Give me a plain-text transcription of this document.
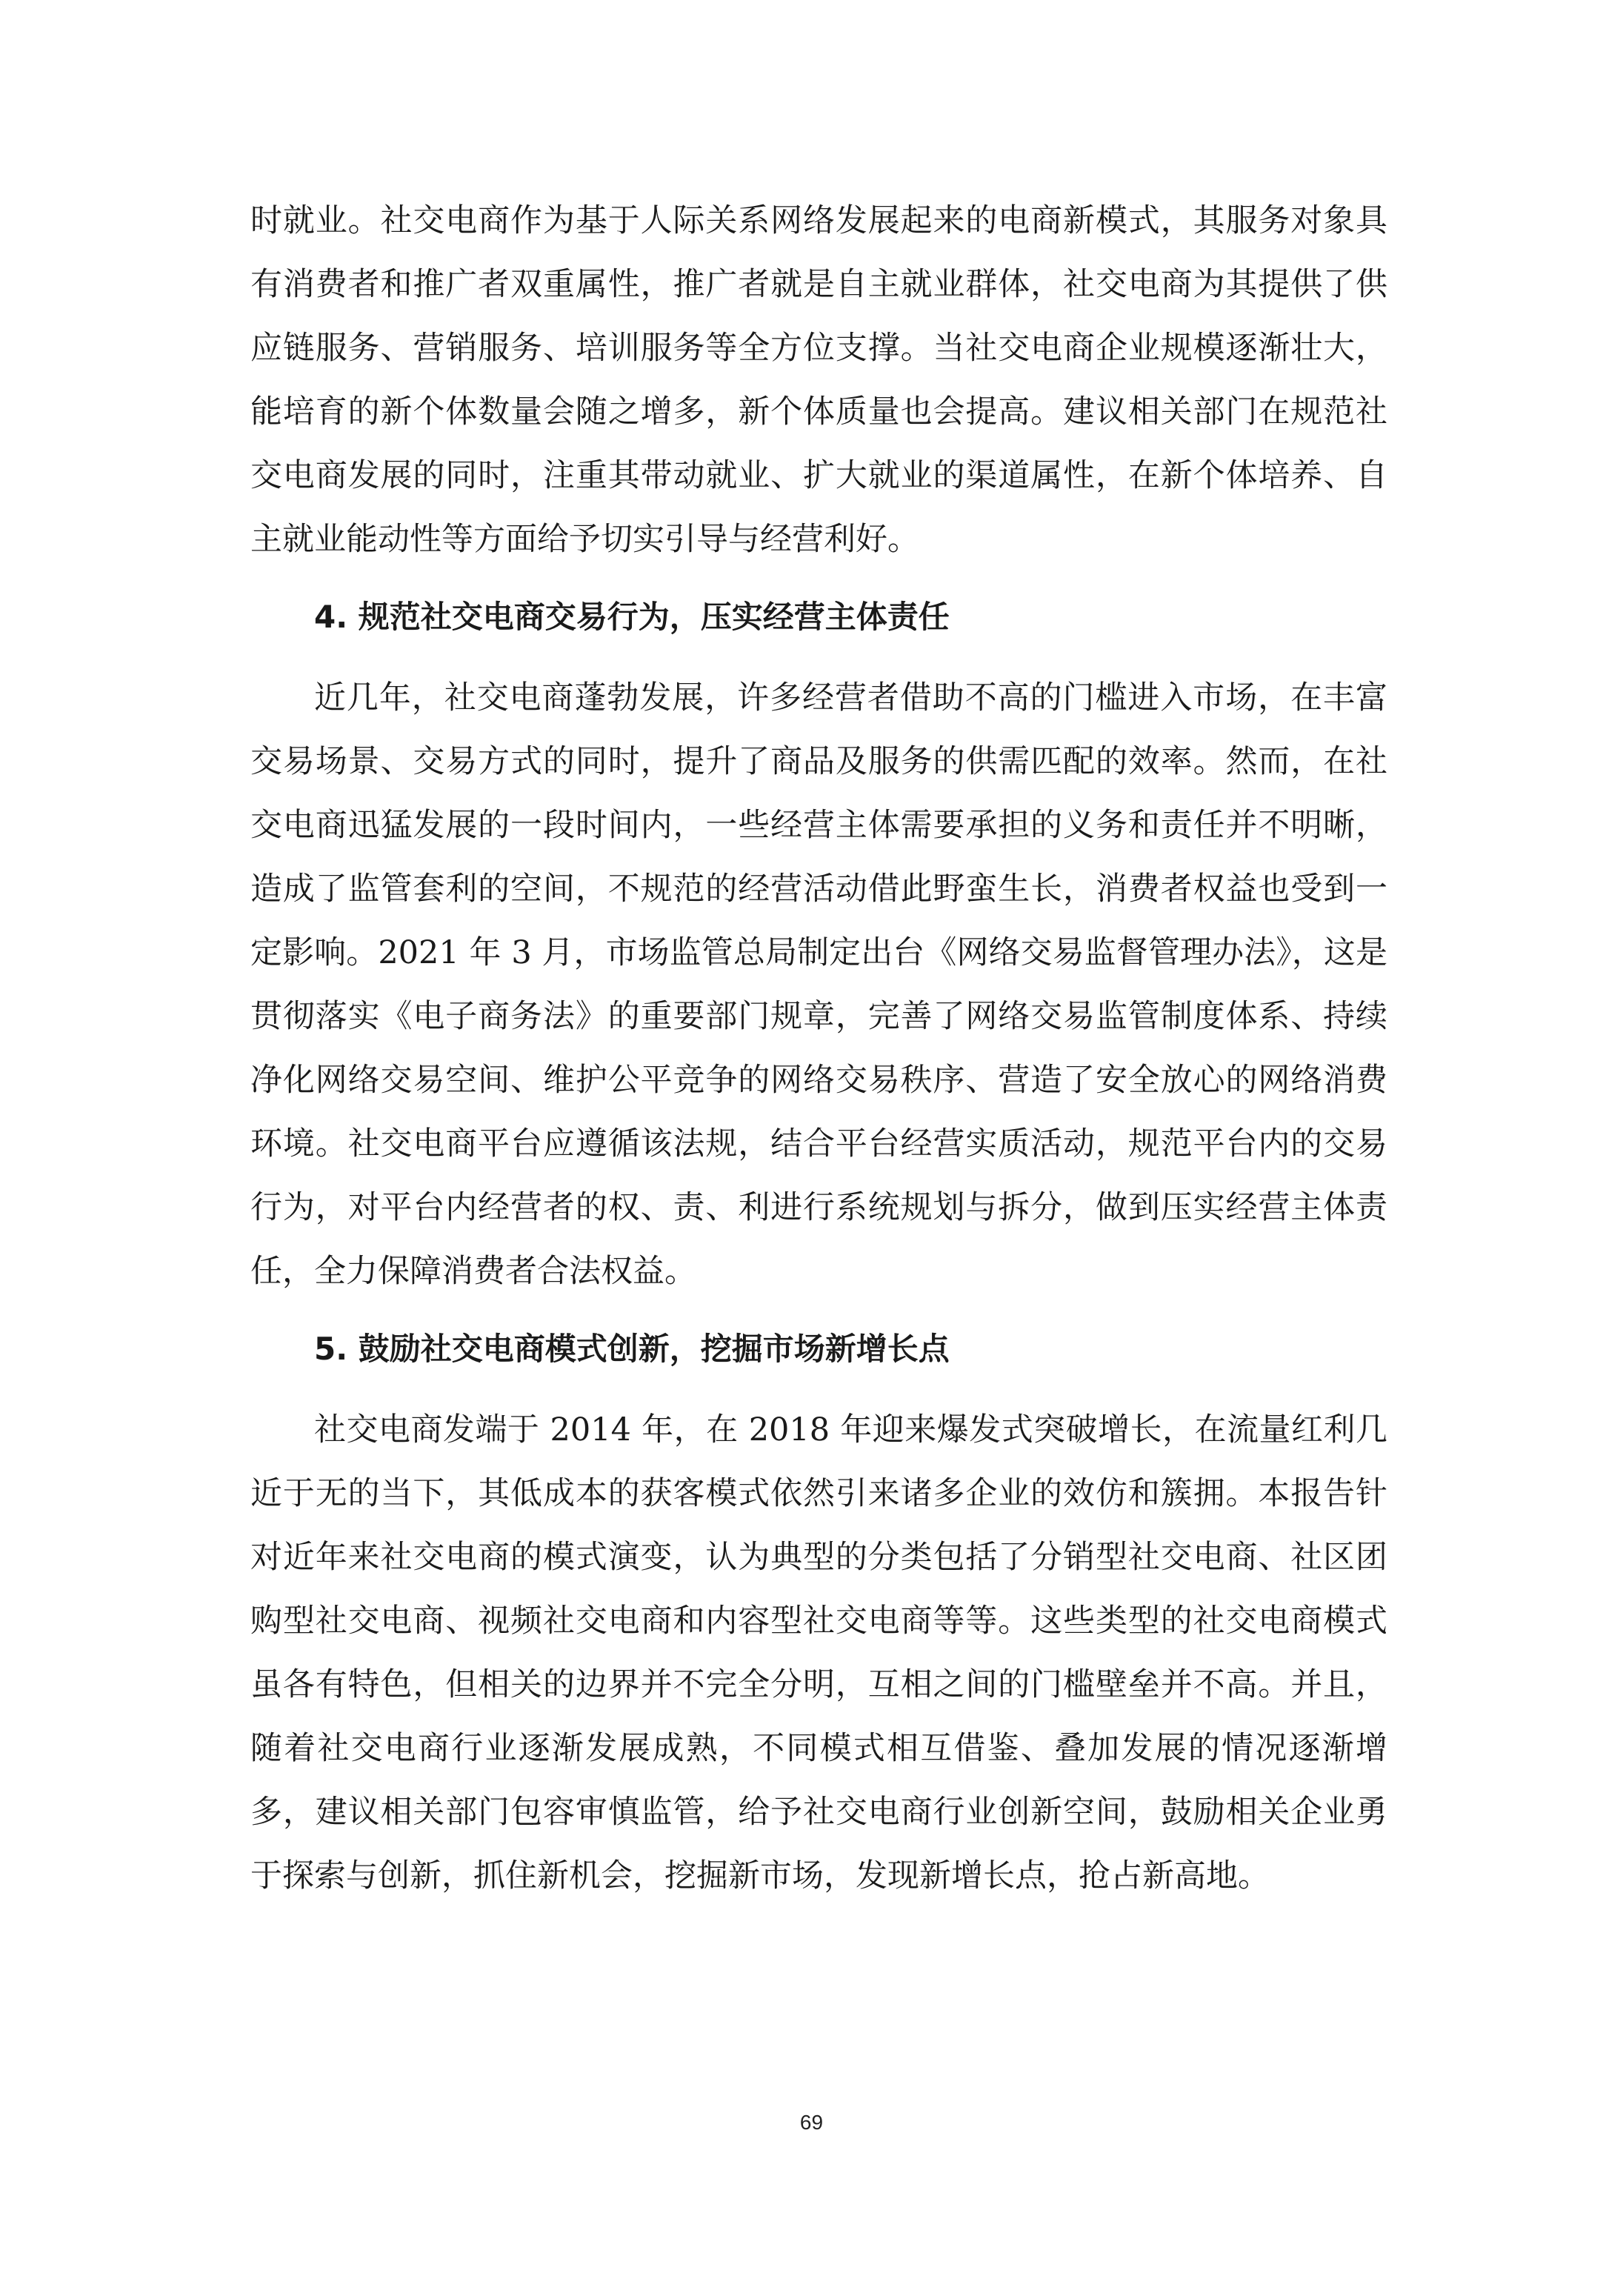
时就业。社交电商作为基于人际关系网络发展起来的电商新模式，其服务对象具有消费者和推广者双重属性，推广者就是自主就业群体，社交电商为其提供了供应链服务、营销服务、培训服务等全方位支撑。当社交电商企业规模逐渐壮大，能培育的新个体数量会随之增多，新个体质量也会提高。建议相关部门在规范社交电商发展的同时，注重其带动就业、扩大就业的渠道属性，在新个体培养、自主就业能动性等方面给予切实引导与经营利好。

4. 规范社交电商交易行为，压实经营主体责任

近几年，社交电商蓬勃发展，许多经营者借助不高的门槛进入市场，在丰富交易场景、交易方式的同时，提升了商品及服务的供需匹配的效率。然而，在社交电商迅猛发展的一段时间内，一些经营主体需要承担的义务和责任并不明晰，造成了监管套利的空间，不规范的经营活动借此野蛮生长，消费者权益也受到一定影响。2021 年 3 月，市场监管总局制定出台《网络交易监督管理办法》，这是贯彻落实《电子商务法》的重要部门规章，完善了网络交易监管制度体系、持续净化网络交易空间、维护公平竞争的网络交易秩序、营造了安全放心的网络消费环境。社交电商平台应遵循该法规，结合平台经营实质活动，规范平台内的交易行为，对平台内经营者的权、责、利进行系统规划与拆分，做到压实经营主体责任，全力保障消费者合法权益。

5. 鼓励社交电商模式创新，挖掘市场新增长点

社交电商发端于 2014 年，在 2018 年迎来爆发式突破增长，在流量红利几近于无的当下，其低成本的获客模式依然引来诸多企业的效仿和簇拥。本报告针对近年来社交电商的模式演变，认为典型的分类包括了分销型社交电商、社区团购型社交电商、视频社交电商和内容型社交电商等等。这些类型的社交电商模式虽各有特色，但相关的边界并不完全分明，互相之间的门槛壁垒并不高。并且，随着社交电商行业逐渐发展成熟，不同模式相互借鉴、叠加发展的情况逐渐增多，建议相关部门包容审慎监管，给予社交电商行业创新空间，鼓励相关企业勇于探索与创新，抓住新机会，挖掘新市场，发现新增长点，抢占新高地。

69
